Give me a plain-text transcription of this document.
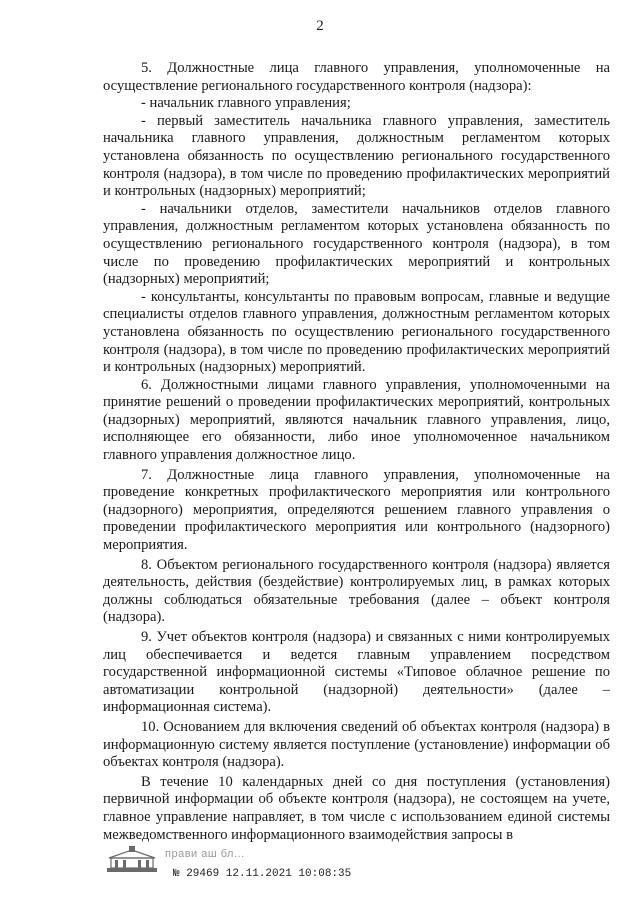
2

5. Должностные лица главного управления, уполномоченные на осуществление регионального государственного контроля (надзора):

- начальник главного управления;

- первый заместитель начальника главного управления, заместитель начальника главного управления, должностным регламентом которых установлена обязанность по осуществлению регионального государственного контроля (надзора), в том числе по проведению профилактических мероприятий и контрольных (надзорных) мероприятий;

- начальники отделов, заместители начальников отделов главного управления, должностным регламентом которых установлена обязанность по осуществлению регионального государственного контроля (надзора), в том числе по проведению профилактических мероприятий и контрольных (надзорных) мероприятий;

- консультанты, консультанты по правовым вопросам, главные и ведущие специалисты отделов главного управления, должностным регламентом которых установлена обязанность по осуществлению регионального государственного контроля (надзора), в том числе по проведению профилактических мероприятий и контрольных (надзорных) мероприятий.

6. Должностными лицами главного управления, уполномоченными на принятие решений о проведении профилактических мероприятий, контрольных (надзорных) мероприятий, являются начальник главного управления, лицо, исполняющее его обязанности, либо иное уполномоченное начальником главного управления должностное лицо.

7. Должностные лица главного управления, уполномоченные на проведение конкретных профилактического мероприятия или контрольного (надзорного) мероприятия, определяются решением главного управления о проведении профилактического мероприятия или контрольного (надзорного) мероприятия.

8. Объектом регионального государственного контроля (надзора) является деятельность, действия (бездействие) контролируемых лиц, в рамках которых должны соблюдаться обязательные требования (далее – объект контроля (надзора).

9. Учет объектов контроля (надзора) и связанных с ними контролируемых лиц обеспечивается и ведется главным управлением посредством государственной информационной системы «Типовое облачное решение по автоматизации контрольной (надзорной) деятельности» (далее – информационная система).

10. Основанием для включения сведений об объектах контроля (надзора) в информационную систему является поступление (установление) информации об объектах контроля (надзора).

В течение 10 календарных дней со дня поступления (установления) первичной информации об объекте контроля (надзора), не состоящем на учете, главное управление направляет, в том числе с использованием единой системы межведомственного информационного взаимодействия запросы в

прави аш бл...
№ 29469 12.11.2021 10:08:35
